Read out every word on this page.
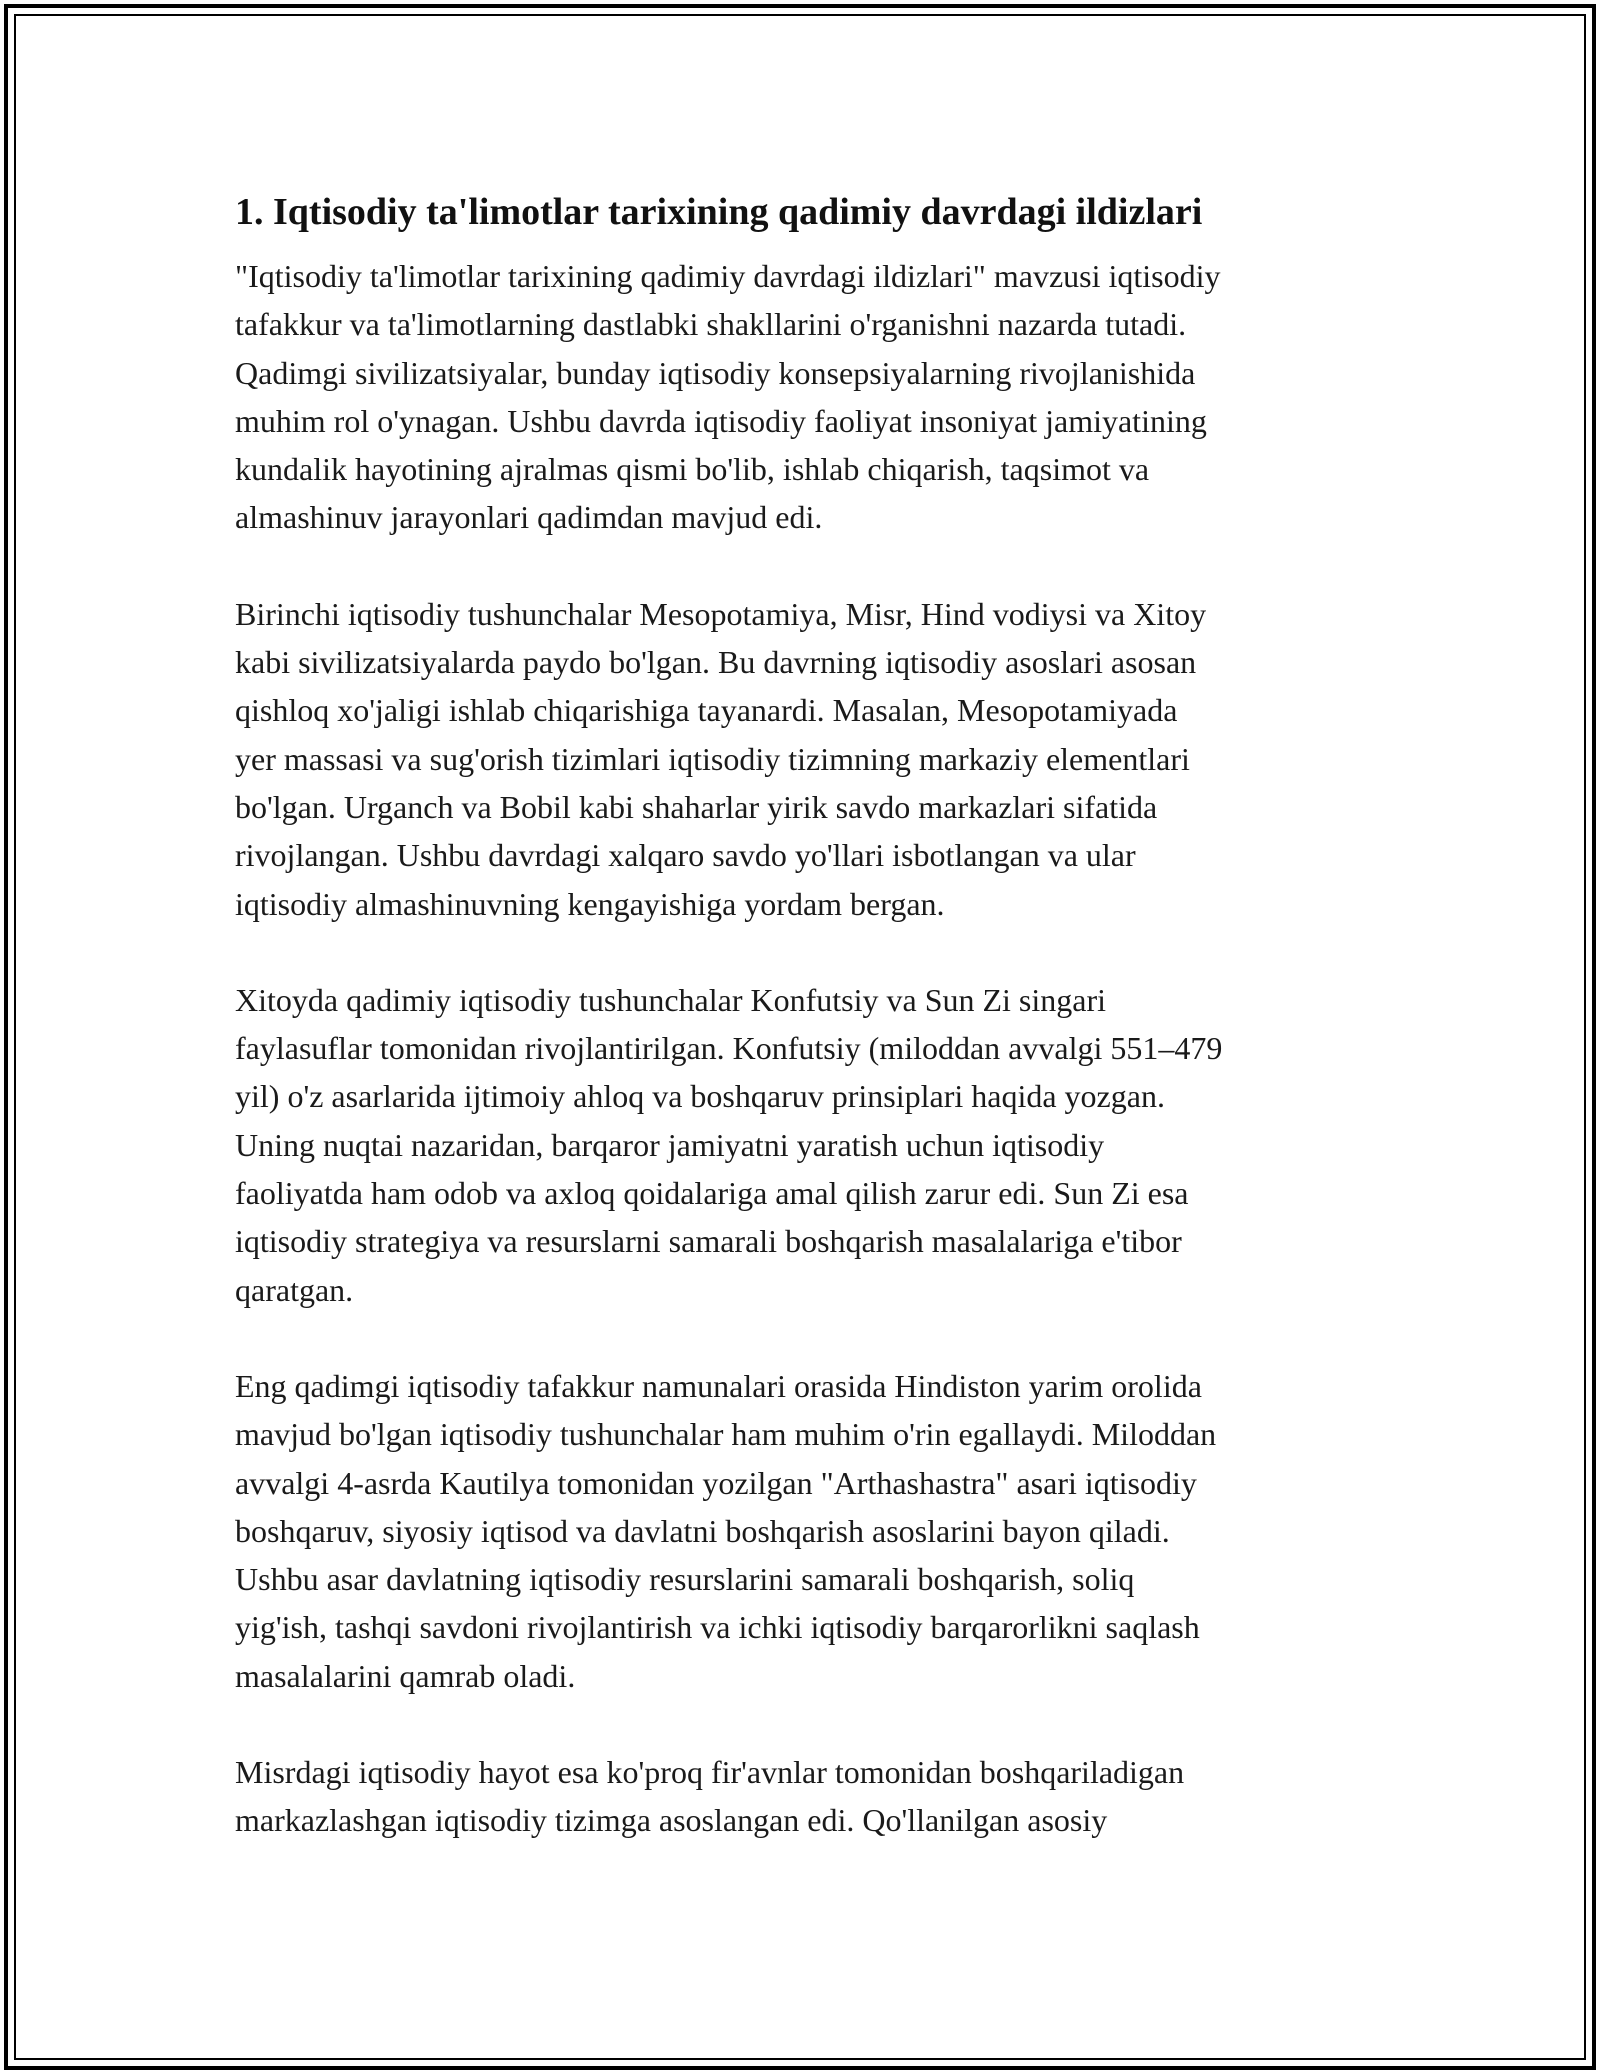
1. Iqtisodiy ta'limotlar tarixining qadimiy davrdagi ildizlari

"Iqtisodiy ta'limotlar tarixining qadimiy davrdagi ildizlari" mavzusi iqtisodiy
tafakkur va ta'limotlarning dastlabki shakllarini o'rganishni nazarda tutadi.
Qadimgi sivilizatsiyalar, bunday iqtisodiy konsepsiyalarning rivojlanishida
muhim rol o'ynagan. Ushbu davrda iqtisodiy faoliyat insoniyat jamiyatining
kundalik hayotining ajralmas qismi bo'lib, ishlab chiqarish, taqsimot va
almashinuv jarayonlari qadimdan mavjud edi.

Birinchi iqtisodiy tushunchalar Mesopotamiya, Misr, Hind vodiysi va Xitoy
kabi sivilizatsiyalarda paydo bo'lgan. Bu davrning iqtisodiy asoslari asosan
qishloq xo'jaligi ishlab chiqarishiga tayanardi. Masalan, Mesopotamiyada
yer massasi va sug'orish tizimlari iqtisodiy tizimning markaziy elementlari
bo'lgan. Urganch va Bobil kabi shaharlar yirik savdo markazlari sifatida
rivojlangan. Ushbu davrdagi xalqaro savdo yo'llari isbotlangan va ular
iqtisodiy almashinuvning kengayishiga yordam bergan.

Xitoyda qadimiy iqtisodiy tushunchalar Konfutsiy va Sun Zi singari
faylasuflar tomonidan rivojlantirilgan. Konfutsiy (miloddan avvalgi 551–479
yil) o'z asarlarida ijtimoiy ahloq va boshqaruv prinsiplari haqida yozgan.
Uning nuqtai nazaridan, barqaror jamiyatni yaratish uchun iqtisodiy
faoliyatda ham odob va axloq qoidalariga amal qilish zarur edi. Sun Zi esa
iqtisodiy strategiya va resurslarni samarali boshqarish masalalariga e'tibor
qaratgan.

Eng qadimgi iqtisodiy tafakkur namunalari orasida Hindiston yarim orolida
mavjud bo'lgan iqtisodiy tushunchalar ham muhim o'rin egallaydi. Miloddan
avvalgi 4-asrda Kautilya tomonidan yozilgan "Arthashastra" asari iqtisodiy
boshqaruv, siyosiy iqtisod va davlatni boshqarish asoslarini bayon qiladi.
Ushbu asar davlatning iqtisodiy resurslarini samarali boshqarish, soliq
yig'ish, tashqi savdoni rivojlantirish va ichki iqtisodiy barqarorlikni saqlash
masalalarini qamrab oladi.

Misrdagi iqtisodiy hayot esa ko'proq fir'avnlar tomonidan boshqariladigan
markazlashgan iqtisodiy tizimga asoslangan edi. Qo'llanilgan asosiy
